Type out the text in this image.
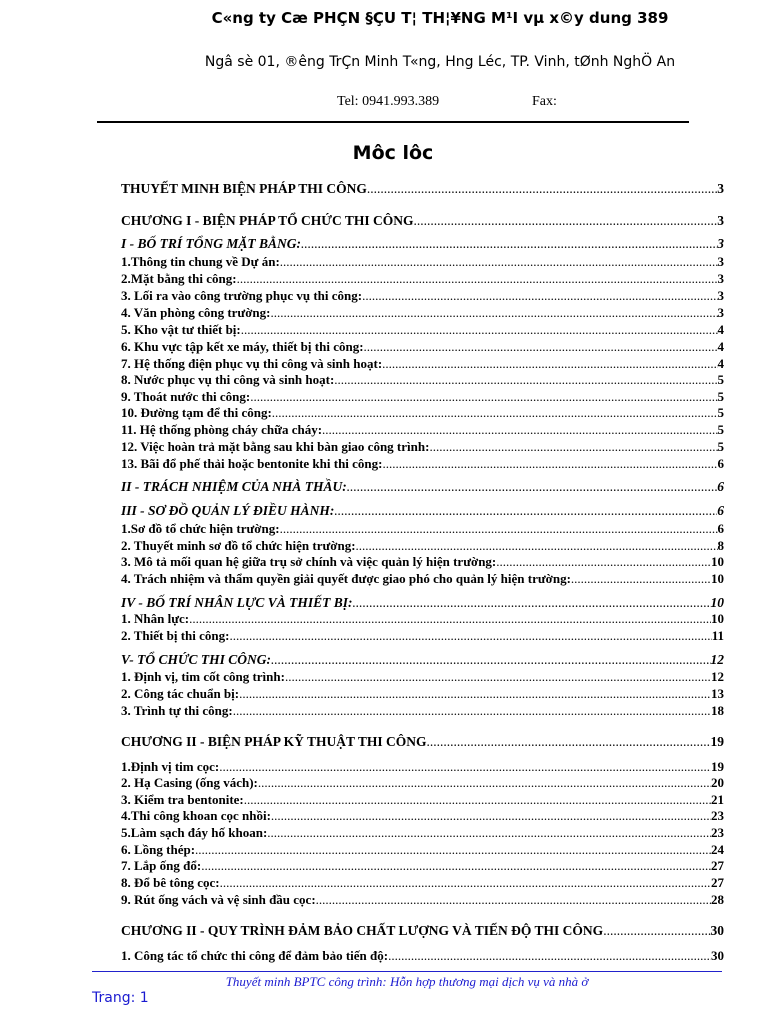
C«ng ty Cæ PHÇN §ÇU T¦ TH¦¥NG M¹I vµ x©y dung 389
Ngâ sè 01, ®êng TrÇn Minh T«ng, Hng Léc, TP. Vinh, tØnh NghÖ An
Tel: 0941.993.389	Fax:
Môc lôc
THUYẾT MINH BIỆN PHÁP THI CÔNG .....	3
CHƯƠNG I - BIỆN PHÁP TỔ CHỨC THI CÔNG .....	3
I - BỐ TRÍ TỔNG MẶT BẰNG: .....	3
1.Thông tin chung về Dự án: .....	3
2.Mặt bằng thi công: .....	3
3. Lối ra vào công trường phục vụ thi công: .....	3
4. Văn phòng công trường: .....	3
5. Kho vật tư thiết bị: .....	4
6. Khu vực tập kết xe máy, thiết bị thi công: .....	4
7. Hệ thống điện phục vụ thi công và sinh hoạt: .....	4
8. Nước phục vụ thi công và sinh hoạt: .....	5
9. Thoát nước thi công: .....	5
10. Đường tạm để thi công: .....	5
11. Hệ thống phòng cháy chữa cháy: .....	5
12. Việc hoàn trả mặt bằng sau khi bàn giao công trình: .....	5
13. Bãi đổ phế thải hoặc bentonite khi thi công: .....	6
II - TRÁCH NHIỆM CỦA NHÀ THẦU: .....	6
III - SƠ ĐỒ QUẢN LÝ ĐIỀU HÀNH: .....	6
1.Sơ đồ tổ chức hiện trường: .....	6
2. Thuyết minh sơ đồ tổ chức hiện trường: .....	8
3. Mô tả mối quan hệ giữa trụ sở chính và việc quản lý hiện trường: .....	10
4. Trách nhiệm và thẩm quyền giải quyết được giao phó cho quản lý hiện trường: .....	10
IV - BỐ TRÍ NHÂN LỰC VÀ THIẾT BỊ: .....	10
1. Nhân lực: .....	10
2. Thiết bị thi công: .....	11
V- TỔ CHỨC THI CÔNG: .....	12
1. Định vị, tim cốt công trình: .....	12
2. Công tác chuẩn bị: .....	13
3. Trình tự thi công: .....	18
CHƯƠNG II - BIỆN PHÁP KỸ THUẬT THI CÔNG .....	19
1.Định vị tim cọc: .....	19
2. Hạ Casing (ống vách): .....	20
3. Kiểm tra bentonite: .....	21
4.Thi công khoan cọc nhồi: .....	23
5.Làm sạch đáy hố khoan: .....	23
6. Lồng thép: .....	24
7. Lắp ống đổ: .....	27
8. Đổ bê tông cọc: .....	27
9. Rút ống vách và vệ sinh đầu cọc: .....	28
CHƯƠNG II - QUY TRÌNH ĐẢM BẢO CHẤT LƯỢNG VÀ TIẾN ĐỘ THI CÔNG .....	30
1. Công tác tổ chức thi công để đảm bảo tiến độ: .....	30
Thuyết minh BPTC công trình: Hỗn hợp thương mại dịch vụ và nhà ở
Trang: 1
